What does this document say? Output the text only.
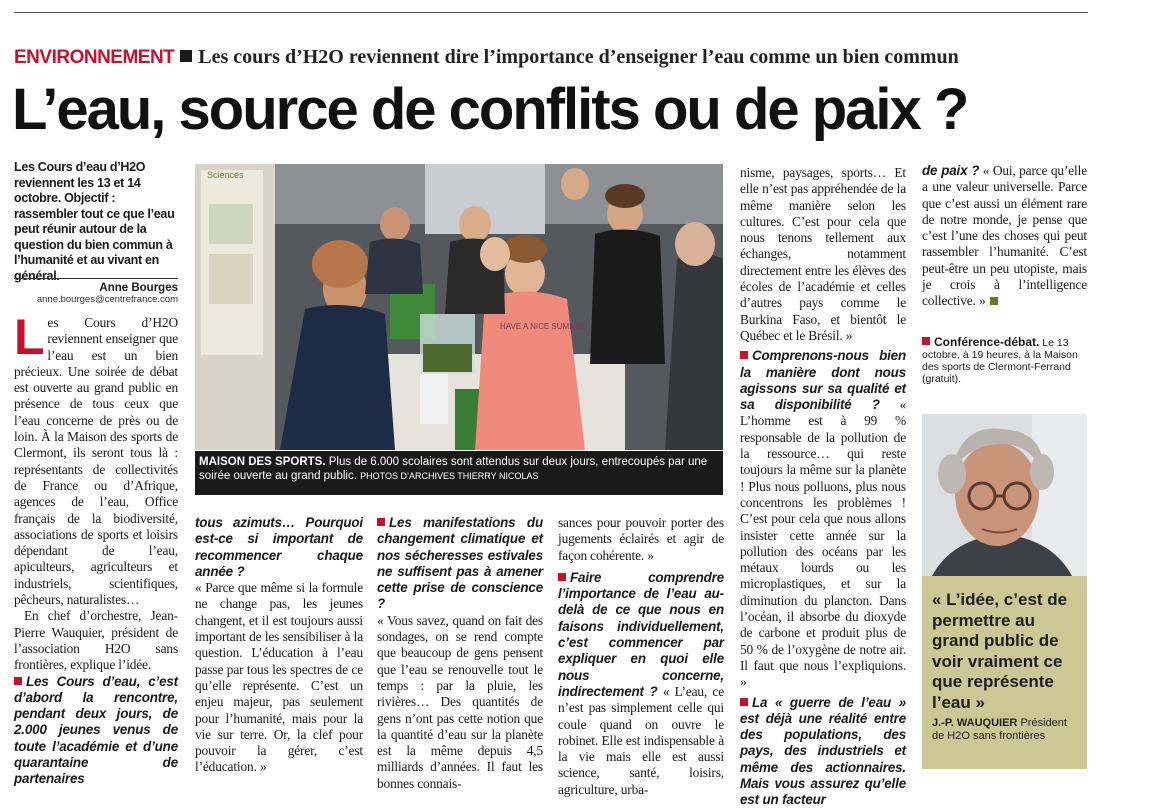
ENVIRONNEMENT Les cours d’H2O reviennent dire l’importance d’enseigner l’eau comme un bien commun
L’eau, source de conflits ou de paix ?
Les Cours d’eau d’H2O reviennent les 13 et 14 octobre. Objectif : rassembler tout ce que l’eau peut réunir autour de la question du bien commun à l’humanité et au vivant en général.
Anne Bourges
anne.bourges@centrefrance.com

Les Cours d’H2O reviennent enseigner que l’eau est un bien précieux. Une soirée de débat est ouverte au grand public en présence de tous ceux que l’eau concerne de près ou de loin. À la Maison des sports de Clermont, ils seront tous là : représentants de collectivités de France ou d’Afrique, agences de l’eau, Office français de la biodiversité, associations de sports et loisirs dépendant de l’eau, apiculteurs, agriculteurs et industriels, scientifiques, pêcheurs, naturalistes…

En chef d’orchestre, Jean-Pierre Wauquier, président de l’association H2O sans frontières, explique l’idée.

Les Cours d’eau, c’est d’abord la rencontre, pendant deux jours, de 2.000 jeunes venus de toute l’académie et d’une quarantaine de partenaires

Sciences
HAVE A NICE SUMMER
MAISON DES SPORTS. Plus de 6.000 scolaires sont attendus sur deux jours, entrecoupés par une soirée ouverte au grand public. PHOTOS D’ARCHIVES THIERRY NICOLAS

tous azimuts… Pourquoi est-ce si important de recommencer chaque année ?

« Parce que même si la formule ne change pas, les jeunes changent, et il est toujours aussi important de les sensibiliser à la question. L’éducation à l’eau passe par tous les spectres de ce qu’elle représente. C’est un enjeu majeur, pas seulement pour l’humanité, mais pour la vie sur terre. Or, la clef pour pouvoir la gérer, c’est l’éducation. »

Les manifestations du changement climatique et nos sécheresses estivales ne suffisent pas à amener cette prise de conscience ?

« Vous savez, quand on fait des sondages, on se rend compte que beaucoup de gens pensent que l’eau se renouvelle tout le temps : par la pluie, les rivières… Des quantités de gens n’ont pas cette notion que la quantité d’eau sur la planète est la même depuis 4,5 milliards d’années. Il faut les bonnes connais-

sances pour pouvoir porter des jugements éclairés et agir de façon cohérente. »

Faire comprendre l’importance de l’eau au-delà de ce que nous en faisons individuellement, c’est commencer par expliquer en quoi elle nous concerne, indirectement ? « L’eau, ce n’est pas simplement celle qui coule quand on ouvre le robinet. Elle est indispensable à la vie mais elle est aussi science, santé, loisirs, agriculture, urba-

nisme, paysages, sports… Et elle n’est pas appréhendée de la même manière selon les cultures. C’est pour cela que nous tenons tellement aux échanges, notamment directement entre les élèves des écoles de l’académie et celles d’autres pays comme le Burkina Faso, et bientôt le Québec et le Brésil. »

Comprenons-nous bien la manière dont nous agissons sur sa qualité et sa disponibilité ? « L’homme est à 99 % responsable de la pollution de la ressource… qui reste toujours la même sur la planète ! Plus nous polluons, plus nous concentrons les problèmes ! C’est pour cela que nous allons insister cette année sur la pollution des océans par les métaux lourds ou les microplastiques, et sur la diminution du plancton. Dans l’océan, il absorbe du dioxyde de carbone et produit plus de 50 % de l’oxygène de notre air. Il faut que nous l’expliquions. »

La « guerre de l’eau » est déjà une réalité entre des populations, des pays, des industriels et même des actionnaires. Mais vous assurez qu’elle est un facteur

de paix ? « Oui, parce qu’elle a une valeur universelle. Parce que c’est aussi un élément rare de notre monde, je pense que c’est l’une des choses qui peut rassembler l’humanité. C’est peut-être un peu utopiste, mais je crois à l’intelligence collective. »

Conférence-débat. Le 13 octobre, à 19 heures, à la Maison des sports de Clermont-Ferrand (gratuit).
« L’idée, c’est de permettre au grand public de voir vraiment ce que représente l’eau »
J.-P. WAUQUIER Président de H2O sans frontières
